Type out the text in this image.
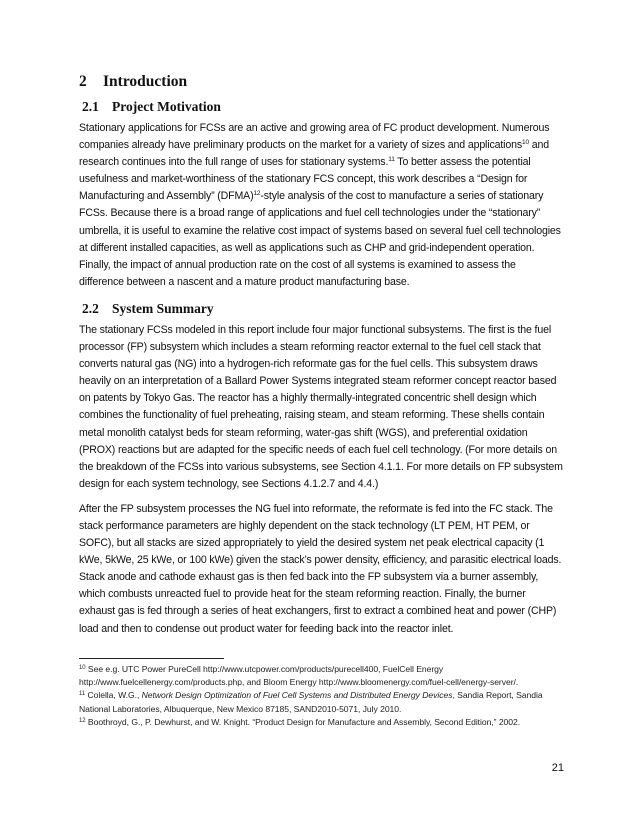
2 Introduction
2.1 Project Motivation

Stationary applications for FCSs are an active and growing area of FC product development. Numerous companies already have preliminary products on the market for a variety of sizes and applications$^{10}$ and research continues into the full range of uses for stationary systems.$^{11}$ To better assess the potential usefulness and market-worthiness of the stationary FCS concept, this work describes a “Design for Manufacturing and Assembly” (DFMA)$^{12}$-style analysis of the cost to manufacture a series of stationary FCSs. Because there is a broad range of applications and fuel cell technologies under the “stationary” umbrella, it is useful to examine the relative cost impact of systems based on several fuel cell technologies at different installed capacities, as well as applications such as CHP and grid-independent operation. Finally, the impact of annual production rate on the cost of all systems is examined to assess the difference between a nascent and a mature product manufacturing base.

2.2 System Summary

The stationary FCSs modeled in this report include four major functional subsystems. The first is the fuel processor (FP) subsystem which includes a steam reforming reactor external to the fuel cell stack that converts natural gas (NG) into a hydrogen-rich reformate gas for the fuel cells. This subsystem draws heavily on an interpretation of a Ballard Power Systems integrated steam reformer concept reactor based on patents by Tokyo Gas. The reactor has a highly thermally-integrated concentric shell design which combines the functionality of fuel preheating, raising steam, and steam reforming. These shells contain metal monolith catalyst beds for steam reforming, water-gas shift (WGS), and preferential oxidation (PROX) reactions but are adapted for the specific needs of each fuel cell technology. (For more details on the breakdown of the FCSs into various subsystems, see Section 4.1.1. For more details on FP subsystem design for each system technology, see Sections 4.1.2.7 and 4.4.)

After the FP subsystem processes the NG fuel into reformate, the reformate is fed into the FC stack. The stack performance parameters are highly dependent on the stack technology (LT PEM, HT PEM, or SOFC), but all stacks are sized appropriately to yield the desired system net peak electrical capacity (1 kWe, 5kWe, 25 kWe, or 100 kWe) given the stack’s power density, efficiency, and parasitic electrical loads. Stack anode and cathode exhaust gas is then fed back into the FP subsystem via a burner assembly, which combusts unreacted fuel to provide heat for the steam reforming reaction. Finally, the burner exhaust gas is fed through a series of heat exchangers, first to extract a combined heat and power (CHP) load and then to condense out product water for feeding back into the reactor inlet.

$^{10}$ See e.g. UTC Power PureCell http://www.utcpower.com/products/purecell400, FuelCell Energy http://www.fuelcellenergy.com/products.php, and Bloom Energy http://www.bloomenergy.com/fuel-cell/energy-server/.
$^{11}$ Colella, W.G., Network Design Optimization of Fuel Cell Systems and Distributed Energy Devices, Sandia Report, Sandia National Laboratories, Albuquerque, New Mexico 87185, SAND2010-5071, July 2010.
$^{12}$ Boothroyd, G., P. Dewhurst, and W. Knight. “Product Design for Manufacture and Assembly, Second Edition,” 2002.
21
